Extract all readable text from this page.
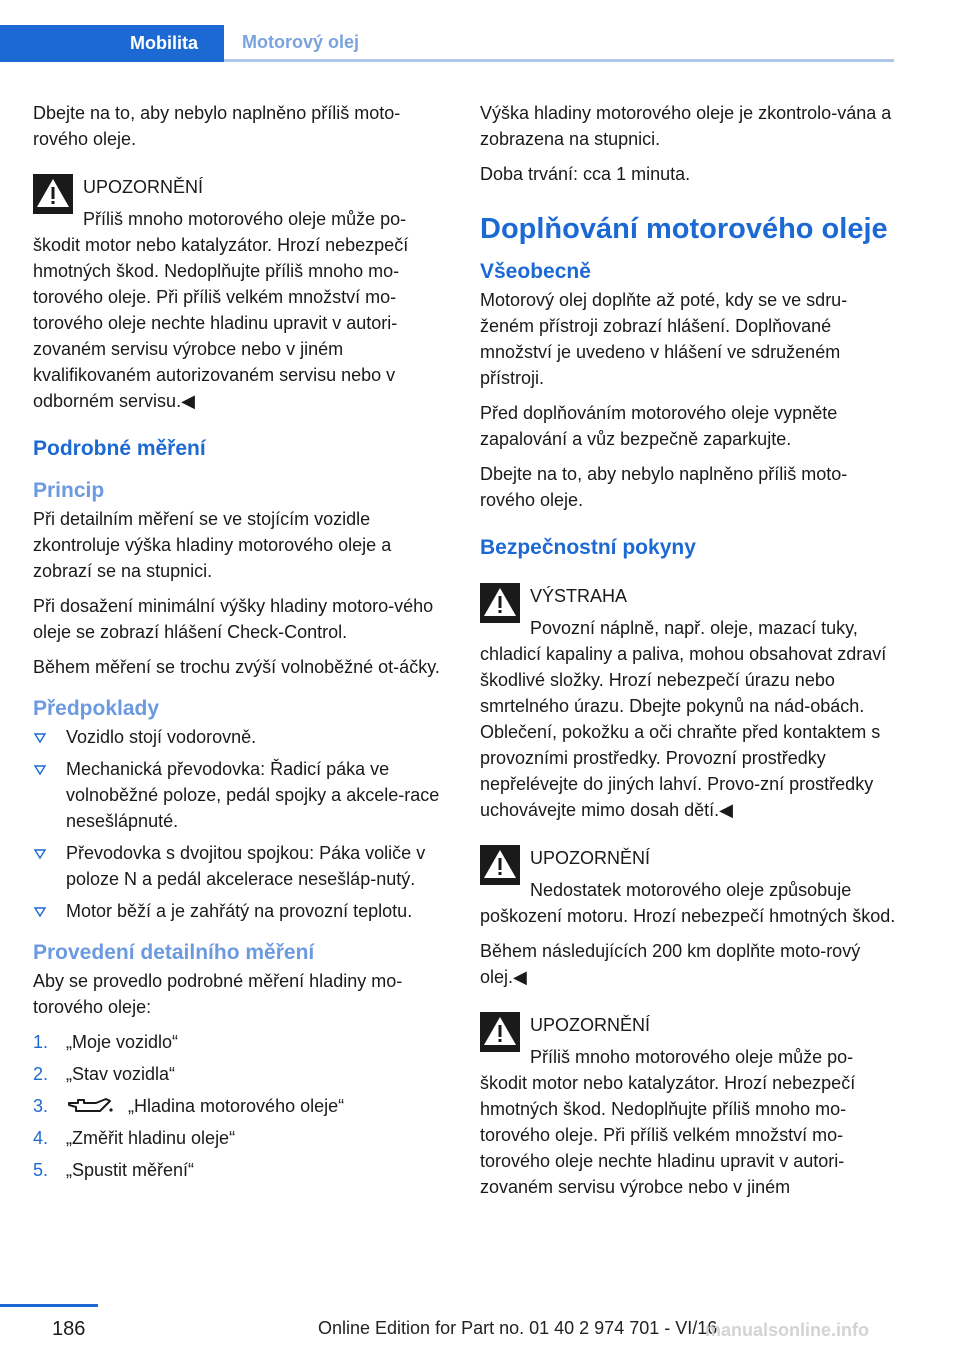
Mobilita	Motorový olej

Dbejte na to, aby nebylo naplněno příliš moto‐rového oleje.

UPOZORNĚNÍ

Příliš mnoho motorového oleje může po‐škodit motor nebo katalyzátor. Hrozí nebezpečí hmotných škod. Nedoplňujte příliš mnoho mo‐torového oleje. Při příliš velkém množství mo‐torového oleje nechte hladinu upravit v autori‐zovaném servisu výrobce nebo v jiném kvalifikovaném autorizovaném servisu nebo v odborném servisu.◀

Podrobné měření
Princip

Při detailním měření se ve stojícím vozidle zkontroluje výška hladiny motorového oleje a zobrazí se na stupnici.

Při dosažení minimální výšky hladiny motoro‐vého oleje se zobrazí hlášení Check-Control.

Během měření se trochu zvýší volnoběžné ot‐áčky.

Předpoklady
Vozidlo stojí vodorovně.
Mechanická převodovka: Řadicí páka ve volnoběžné poloze, pedál spojky a akcele‐race nesešlápnuté.
Převodovka s dvojitou spojkou: Páka voliče v poloze N a pedál akcelerace nesešláp‐nutý.
Motor běží a je zahřátý na provozní teplotu.
Provedení detailního měření

Aby se provedlo podrobné měření hladiny mo‐torového oleje:

1. „Moje vozidlo“
2. „Stav vozidla“
3.	„Hladina motorového oleje“
4. „Změřit hladinu oleje“
5. „Spustit měření“

Výška hladiny motorového oleje je zkontrolo‐vána a zobrazena na stupnici.

Doba trvání: cca 1 minuta.

Doplňování motorového oleje
Všeobecně

Motorový olej doplňte až poté, kdy se ve sdru‐ženém přístroji zobrazí hlášení. Doplňované množství je uvedeno v hlášení ve sdruženém přístroji.

Před doplňováním motorového oleje vypněte zapalování a vůz bezpečně zaparkujte.

Dbejte na to, aby nebylo naplněno příliš moto‐rového oleje.

Bezpečnostní pokyny

VÝSTRAHA

Povozní náplně, např. oleje, mazací tuky, chladicí kapaliny a paliva, mohou obsahovat zdraví škodlivé složky. Hrozí nebezpečí úrazu nebo smrtelného úrazu. Dbejte pokynů na nád‐obách. Oblečení, pokožku a oči chraňte před kontaktem s provozními prostředky. Provozní prostředky nepřelévejte do jiných lahví. Provo‐zní prostředky uchovávejte mimo dosah dětí.◀

UPOZORNĚNÍ

Nedostatek motorového oleje způsobuje poškození motoru. Hrozí nebezpečí hmotných škod.

Během následujících 200 km doplňte moto‐rový olej.◀

UPOZORNĚNÍ

Příliš mnoho motorového oleje může po‐škodit motor nebo katalyzátor. Hrozí nebezpečí hmotných škod. Nedoplňujte příliš mnoho mo‐torového oleje. Při příliš velkém množství mo‐torového oleje nechte hladinu upravit v autori‐zovaném servisu výrobce nebo v jiném

186	Online Edition for Part no. 01 40 2 974 701 - VI/16
manualsonline.info
